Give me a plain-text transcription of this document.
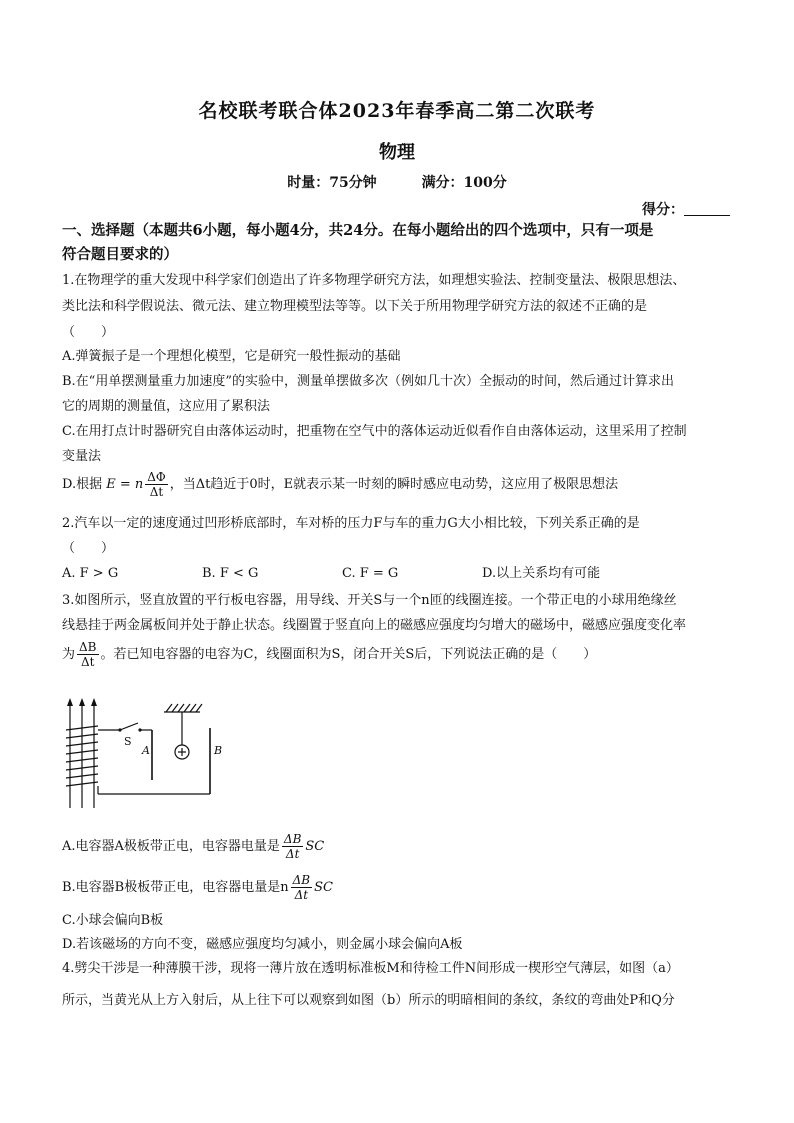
名校联考联合体2023年春季高二第二次联考
物理
时量：75分钟	满分：100分
得分：
一、选择题（本题共6小题，每小题4分，共24分。在每小题给出的四个选项中，只有一项是
符合题目要求的）
1.在物理学的重大发现中科学家们创造出了许多物理学研究方法，如理想实验法、控制变量法、极限思想法、
类比法和科学假说法、微元法、建立物理模型法等等。以下关于所用物理学研究方法的叙述不正确的是
（　　）
A.弹簧振子是一个理想化模型，它是研究一般性振动的基础
B.在“用单摆测量重力加速度”的实验中，测量单摆做多次（例如几十次）全振动的时间，然后通过计算求出
它的周期的测量值，这应用了累积法
C.在用打点计时器研究自由落体运动时，把重物在空气中的落体运动近似看作自由落体运动，这里采用了控制
变量法
D.根据 E = n $\frac{\Delta\Phi}{\Delta t}$ ，当Δt趋近于0时，E就表示某一时刻的瞬时感应电动势，这应用了极限思想法
2.汽车以一定的速度通过凹形桥底部时，车对桥的压力F与车的重力G大小相比较，下列关系正确的是
（　　）
A. F > G	B. F < G	C. F = G	D.以上关系均有可能
3.如图所示，竖直放置的平行板电容器，用导线、开关S与一个n匝的线圈连接。一个带正电的小球用绝缘丝
线悬挂于两金属板间并处于静止状态。线圈置于竖直向上的磁感应强度均匀增大的磁场中，磁感应强度变化率
为 $\frac{\Delta B}{\Delta t}$ 。若已知电容器的电容为C，线圈面积为S，闭合开关S后，下列说法正确的是（　　）
S
A	B
A.电容器A极板带正电，电容器电量是 $\frac{\Delta B}{\Delta t}$ SC
B.电容器B极板带正电，电容器电量是n $\frac{\Delta B}{\Delta t}$ SC
C.小球会偏向B板
D.若该磁场的方向不变，磁感应强度均匀减小，则金属小球会偏向A板
4.劈尖干涉是一种薄膜干涉，现将一薄片放在透明标准板M和待检工件N间形成一楔形空气薄层，如图（a）
所示，当黄光从上方入射后，从上往下可以观察到如图（b）所示的明暗相间的条纹，条纹的弯曲处P和Q分
